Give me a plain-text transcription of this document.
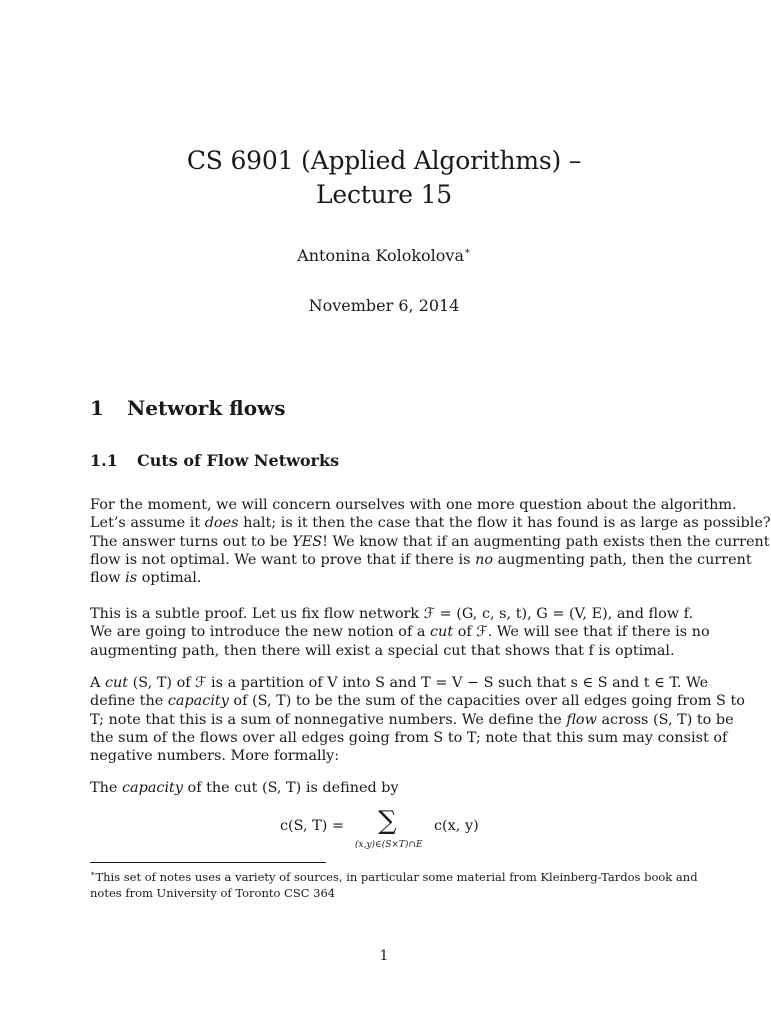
CS 6901 (Applied Algorithms) –
Lecture 15
Antonina Kolokolova∗
November 6, 2014
1 Network flows
1.1 Cuts of Flow Networks
For the moment, we will concern ourselves with one more question about the algorithm.
Let’s assume it does halt; is it then the case that the flow it has found is as large as possible?
The answer turns out to be YES! We know that if an augmenting path exists then the current
flow is not optimal. We want to prove that if there is no augmenting path, then the current
flow is optimal.
This is a subtle proof. Let us fix flow network ℱ = (G, c, s, t), G = (V, E), and flow f.
We are going to introduce the new notion of a cut of ℱ. We will see that if there is no
augmenting path, then there will exist a special cut that shows that f is optimal.
A cut (S, T) of ℱ is a partition of V into S and T = V − S such that s ∈ S and t ∈ T. We
define the capacity of (S, T) to be the sum of the capacities over all edges going from S to
T; note that this is a sum of nonnegative numbers. We define the flow across (S, T) to be
the sum of the flows over all edges going from S to T; note that this sum may consist of
negative numbers. More formally:
The capacity of the cut (S, T) is defined by
c(S, T) = ∑
(x,y)∈(S×T)∩E
c(x, y)
∗This set of notes uses a variety of sources, in particular some material from Kleinberg-Tardos book and
notes from University of Toronto CSC 364
1
